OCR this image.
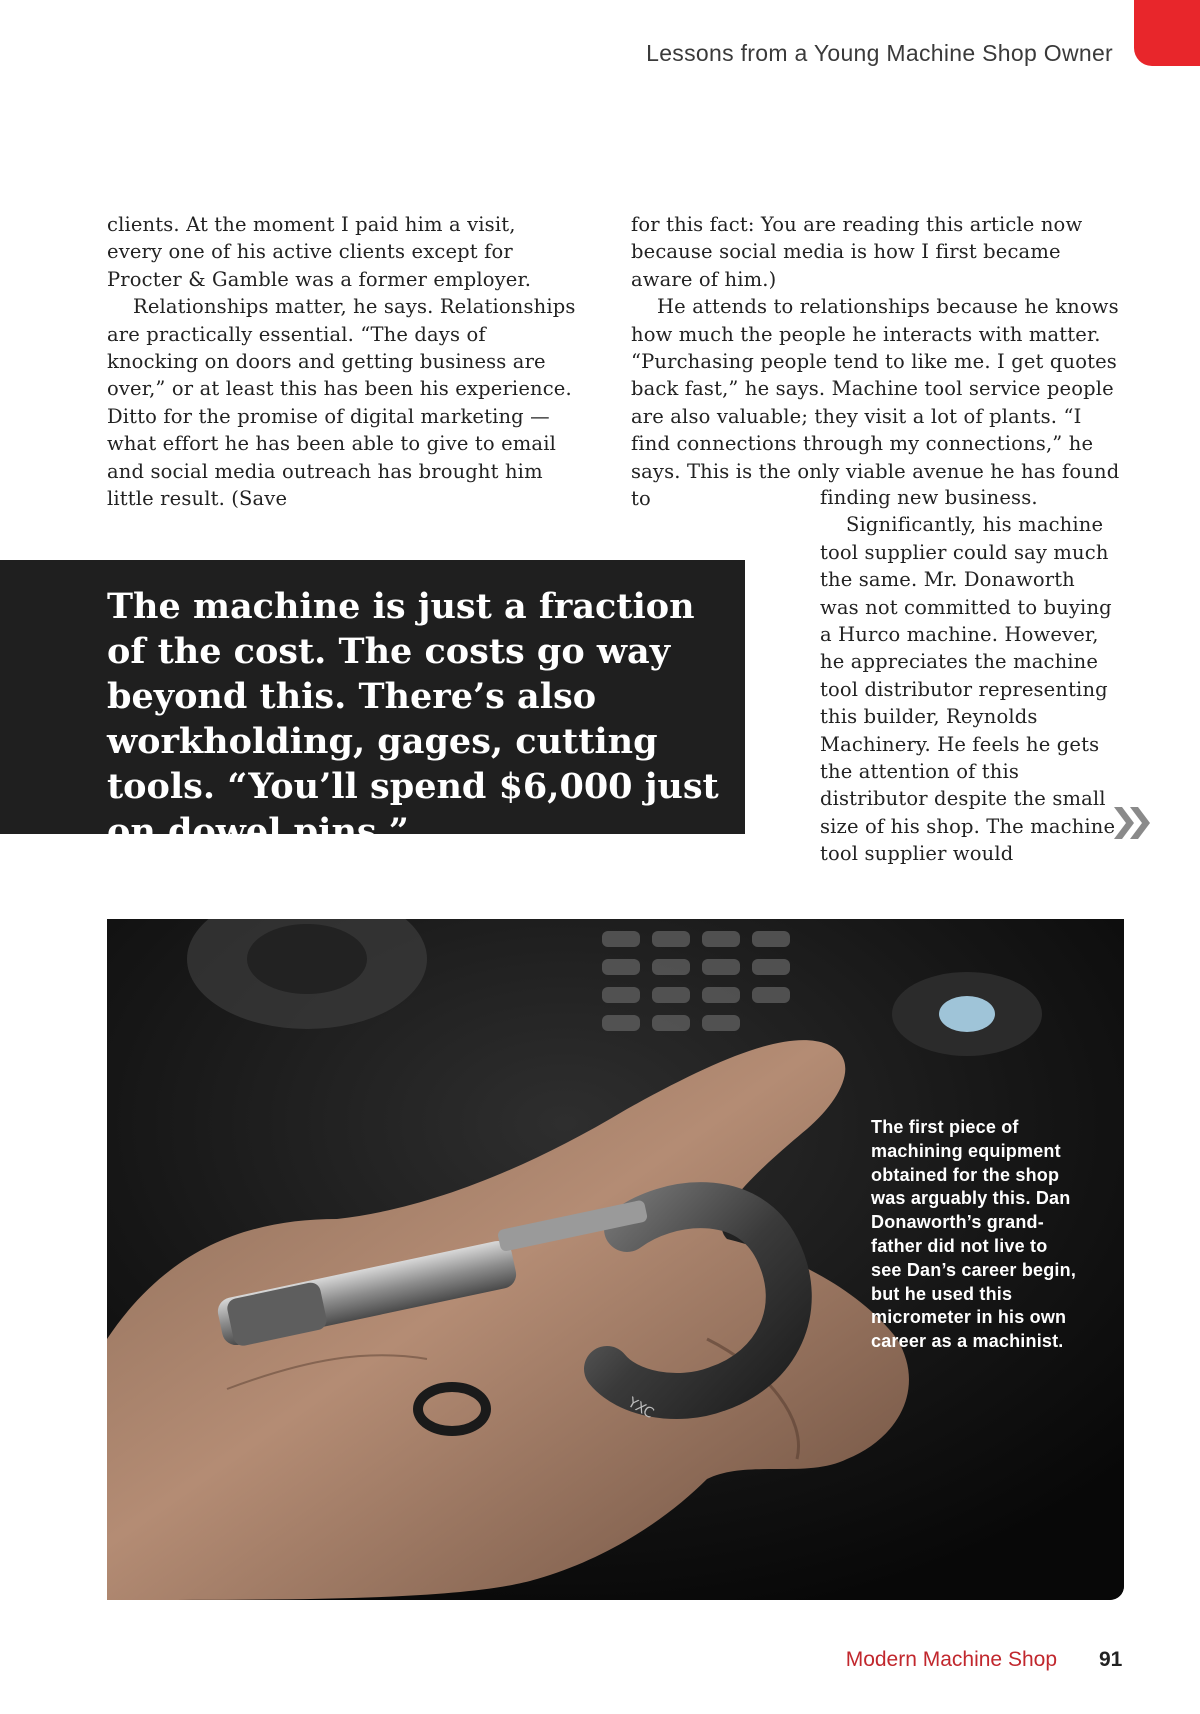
Lessons from a Young Machine Shop Owner

clients. At the moment I paid him a visit, every one of his active clients except for Procter & Gamble was a former employer.

Relationships matter, he says. Relationships are practically essential. “The days of knocking on doors and getting business are over,” or at least this has been his experience. Ditto for the promise of digital marketing — what effort he has been able to give to email and social media outreach has brought him little result. (Save

for this fact: You are reading this article now because social media is how I first became aware of him.)

He attends to relationships because he knows how much the people he interacts with matter. “Purchasing people tend to like me. I get quotes back fast,” he says. Machine tool service people are also valuable; they visit a lot of plants. “I find connections through my connections,” he says. This is the only viable avenue he has found to	finding new business.

Significantly, his machine tool supplier could say much the same. Mr. Donaworth was not committed to buying a Hurco machine. However, he appreciates the machine tool distributor representing this builder, Reynolds Machinery. He feels he gets the attention of this distributor despite the small size of his shop. The machine tool supplier would

The machine is just a fraction of the cost. The costs go way beyond this. There’s also workholding, gages, cutting tools. “You’ll spend $6,000 just on dowel pins.”
YXC
The first piece of machining equipment obtained for the shop was arguably this. Dan Donaworth’s grand-father did not live to see Dan’s career begin, but he used this micrometer in his own career as a machinist.
Modern Machine Shop 91
